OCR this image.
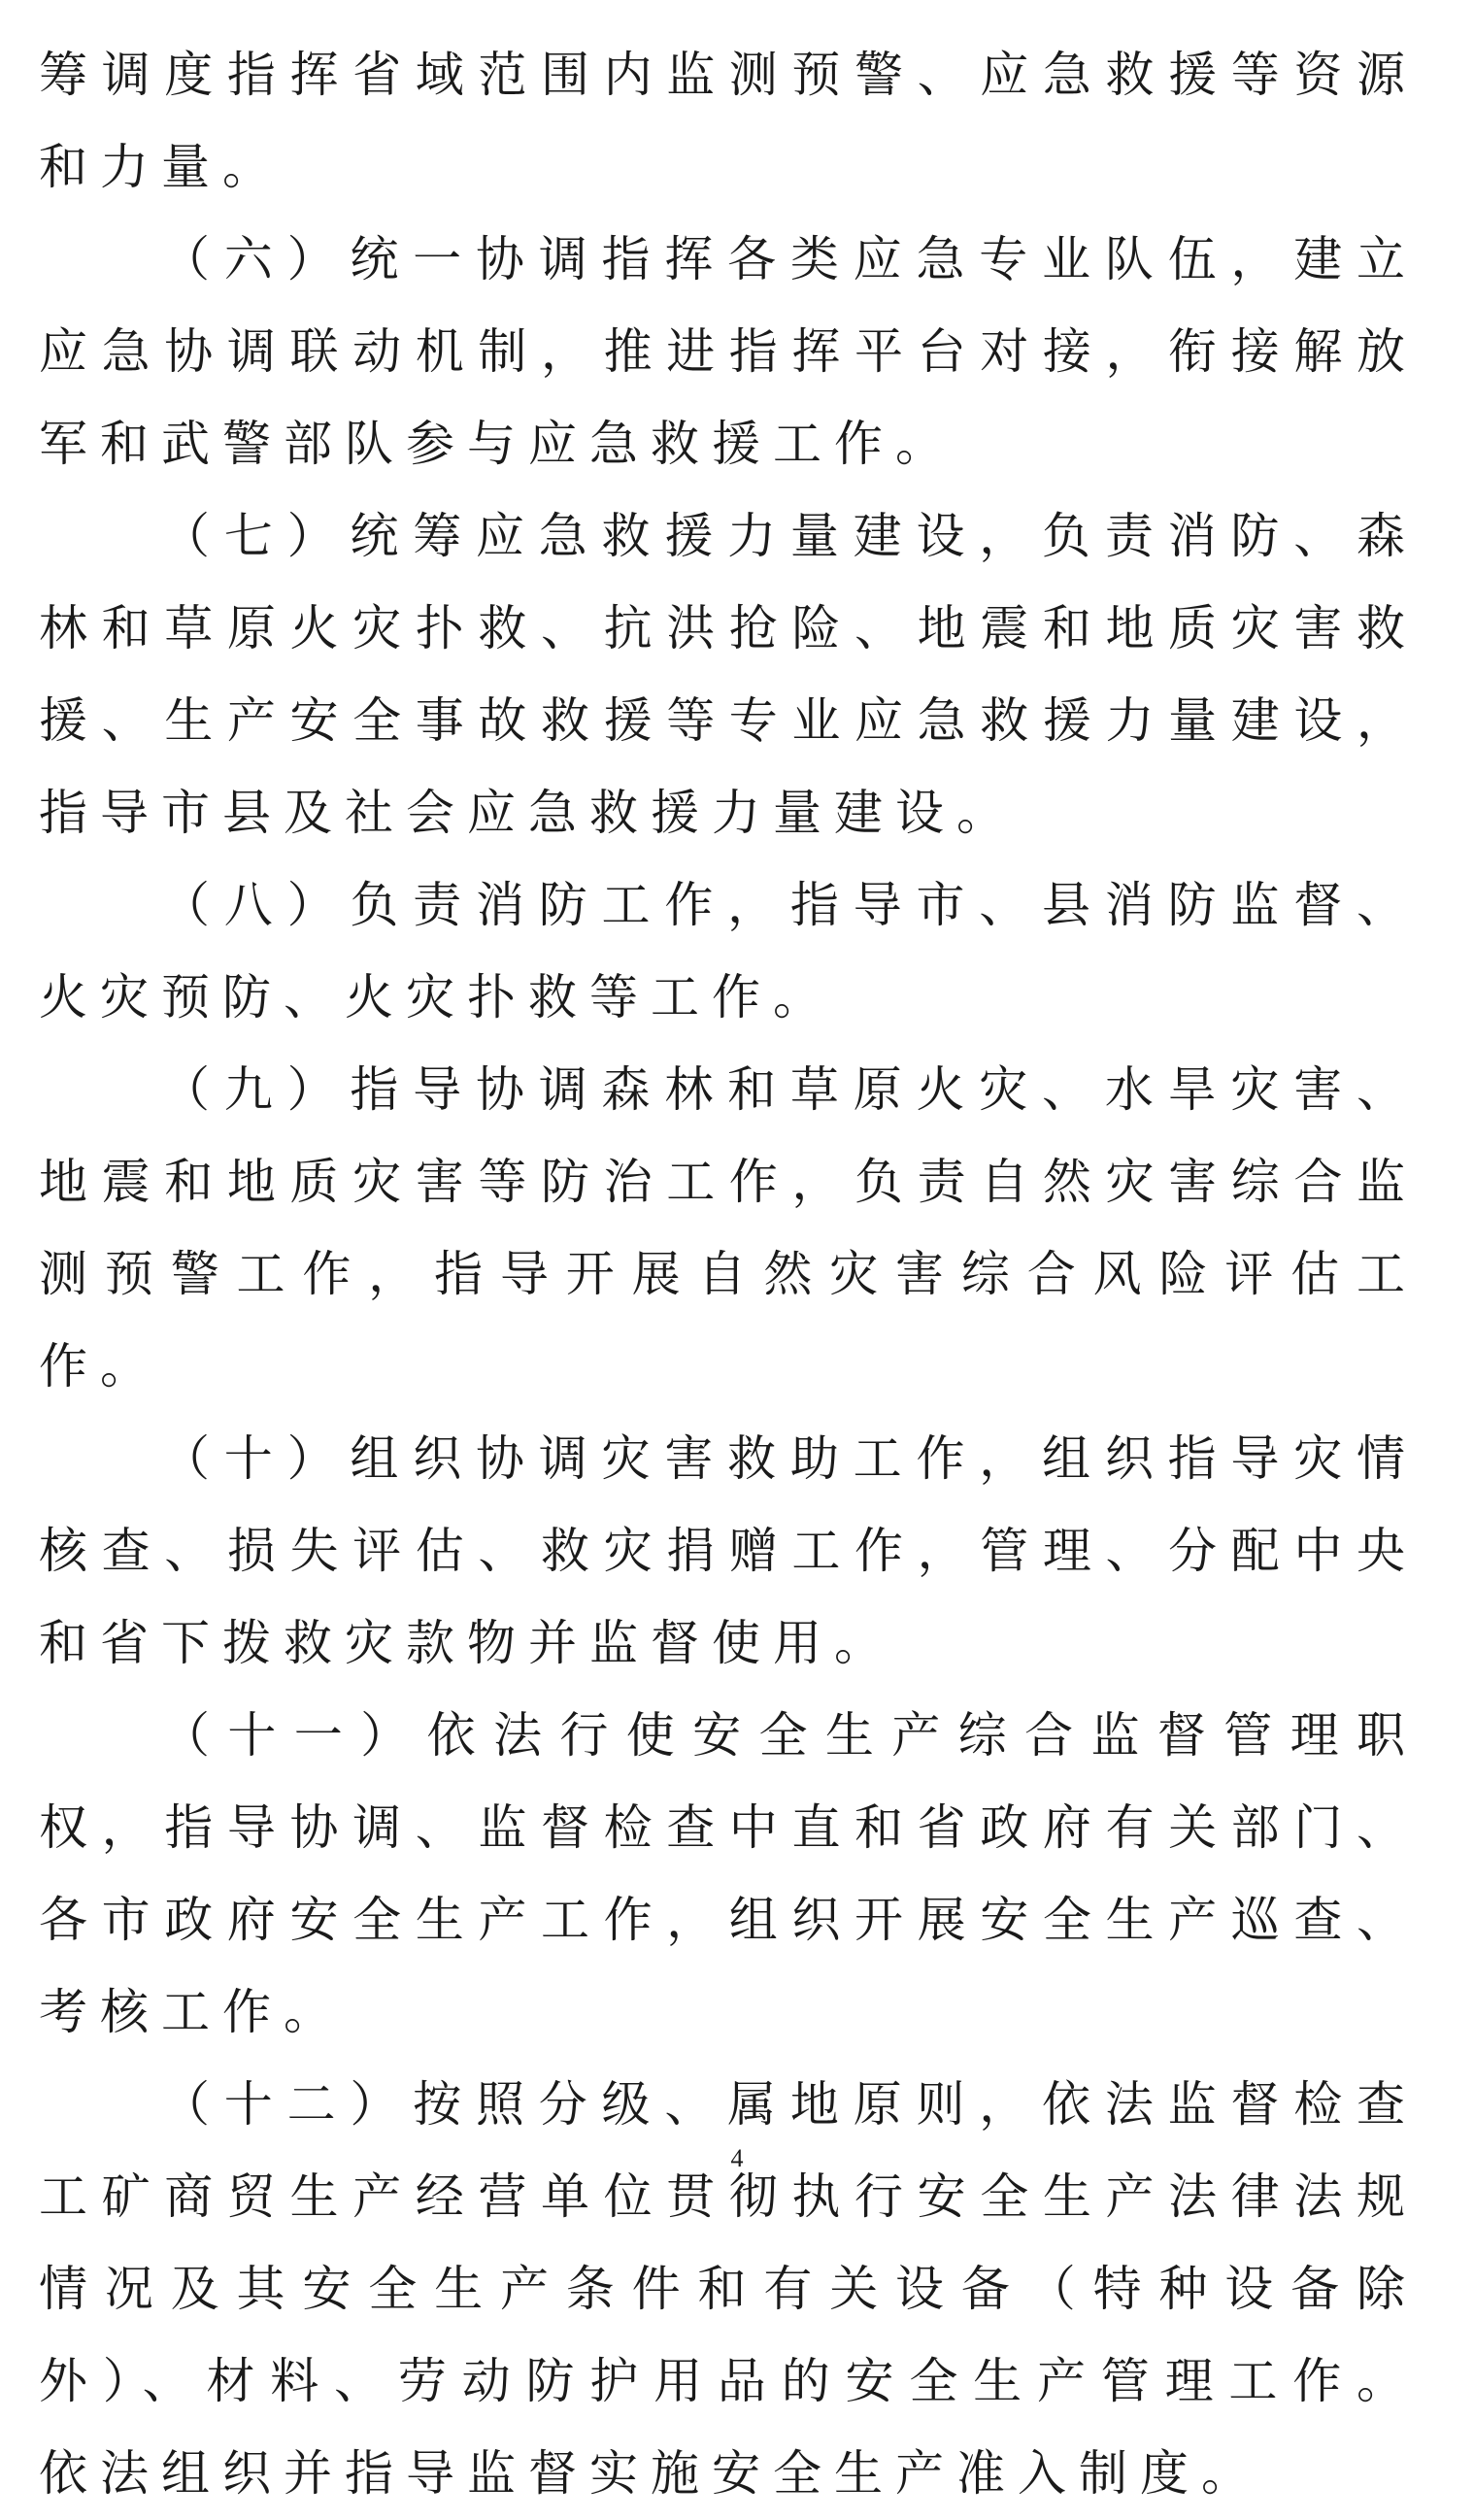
筹调度指挥省域范围内监测预警、应急救援等资源和力量。

（六）统一协调指挥各类应急专业队伍，建立应急协调联动机制，推进指挥平台对接，衔接解放军和武警部队参与应急救援工作。

（七）统筹应急救援力量建设，负责消防、森林和草原火灾扑救、抗洪抢险、地震和地质灾害救援、生产安全事故救援等专业应急救援力量建设，指导市县及社会应急救援力量建设。

（八）负责消防工作，指导市、县消防监督、火灾预防、火灾扑救等工作。

（九）指导协调森林和草原火灾、水旱灾害、地震和地质灾害等防治工作，负责自然灾害综合监测预警工作，指导开展自然灾害综合风险评估工作。

（十）组织协调灾害救助工作，组织指导灾情核查、损失评估、救灾捐赠工作，管理、分配中央和省下拨救灾款物并监督使用。

（十一）依法行使安全生产综合监督管理职权，指导协调、监督检查中直和省政府有关部门、各市政府安全生产工作，组织开展安全生产巡查、考核工作。

（十二）按照分级、属地原则，依法监督检查工矿商贸生产经营单位贯彻执行安全生产法律法规情况及其安全生产条件和有关设备（特种设备除外）、材料、劳动防护用品的安全生产管理工作。依法组织并指导监督实施安全生产准入制度。

4
